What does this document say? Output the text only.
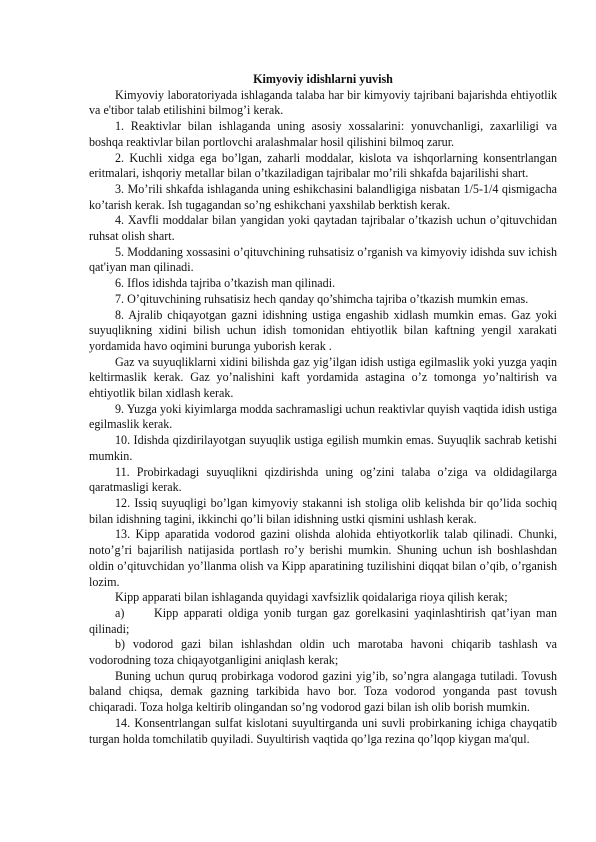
Kimyoviy idishlarni yuvish

Kimyoviy laboratoriyada ishlaganda talaba har bir kimyoviy tajribani bajarishda ehtiyotlik va e'tibor talab etilishini bilmog’i kerak.

1. Reaktivlar bilan ishlaganda uning asosiy xossalarini: yonuvchanligi, zaxarliligi va boshqa reaktivlar bilan portlovchi aralashmalar hosil qilishini bilmoq zarur.

2. Kuchli xidga ega bo’lgan, zaharli moddalar, kislota va ishqorlarning konsentrlangan eritmalari, ishqoriy metallar bilan o’tkaziladigan tajribalar mo’rili shkafda bajarilishi shart.

3. Mo’rili shkafda ishlaganda uning eshikchasini balandligiga nisbatan 1/5-1/4 qismigacha ko’tarish kerak. Ish tugagandan so’ng eshikchani yaxshilab berktish kerak.

4. Xavfli moddalar bilan yangidan yoki qaytadan tajribalar o’tkazish uchun o’qituvchidan ruhsat olish shart.

5. Moddaning xossasini o’qituvchining ruhsatisiz o’rganish va kimyoviy idishda suv ichish qat'iyan man qilinadi.

6. Iflos idishda tajriba o’tkazish man qilinadi.

7. O’qituvchining ruhsatisiz hech qanday qo’shimcha tajriba o’tkazish mumkin emas.

8. Ajralib chiqayotgan gazni idishning ustiga engashib xidlash mumkin emas. Gaz yoki suyuqlikning xidini bilish uchun idish tomonidan ehtiyotlik bilan kaftning yengil xarakati yordamida havo oqimini burunga yuborish kerak .

Gaz va suyuqliklarni xidini bilishda gaz yig’ilgan idish ustiga egilmaslik yoki yuzga yaqin keltirmaslik kerak. Gaz yo’nalishini kaft yordamida astagina o’z tomonga yo’naltirish va ehtiyotlik bilan xidlash kerak.

9. Yuzga yoki kiyimlarga modda sachramasligi uchun reaktivlar quyish vaqtida idish ustiga egilmaslik kerak.

10. Idishda qizdirilayotgan suyuqlik ustiga egilish mumkin emas. Suyuqlik sachrab ketishi mumkin.

11. Probirkadagi suyuqlikni qizdirishda uning og’zini talaba o’ziga va oldidagilarga qaratmasligi kerak.

12. Issiq suyuqligi bo’lgan kimyoviy stakanni ish stoliga olib kelishda bir qo’lida sochiq bilan idishning tagini, ikkinchi qo’li bilan idishning ustki qismini ushlash kerak.

13. Kipp aparatida vodorod gazini olishda alohida ehtiyotkorlik talab qilinadi. Chunki, noto’g’ri bajarilish natijasida portlash ro’y berishi mumkin. Shuning uchun ish boshlashdan oldin o’qituvchidan yo’llanma olish va Kipp aparatining tuzilishini diqqat bilan o’qib, o’rganish lozim.

Kipp apparati bilan ishlaganda quyidagi xavfsizlik qoidalariga rioya qilish kerak;

a)   Kipp apparati oldiga yonib turgan gaz gorelkasini yaqinlashtirish qat’iyan man qilinadi;

b) vodorod gazi bilan ishlashdan oldin uch marotaba havoni chiqarib tashlash va vodorodning toza chiqayotganligini aniqlash kerak;

Buning uchun quruq probirkaga vodorod gazini yig’ib, so’ngra alangaga tutiladi. Tovush baland chiqsa, demak gazning tarkibida havo bor. Toza vodorod yonganda past tovush chiqaradi. Toza holga keltirib olingandan so’ng vodorod gazi bilan ish olib borish mumkin.

14. Konsentrlangan sulfat kislotani suyultirganda uni suvli probirkaning ichiga chayqatib turgan holda tomchilatib quyiladi. Suyultirish vaqtida qo’lga rezina qo’lqop kiygan ma'qul.
